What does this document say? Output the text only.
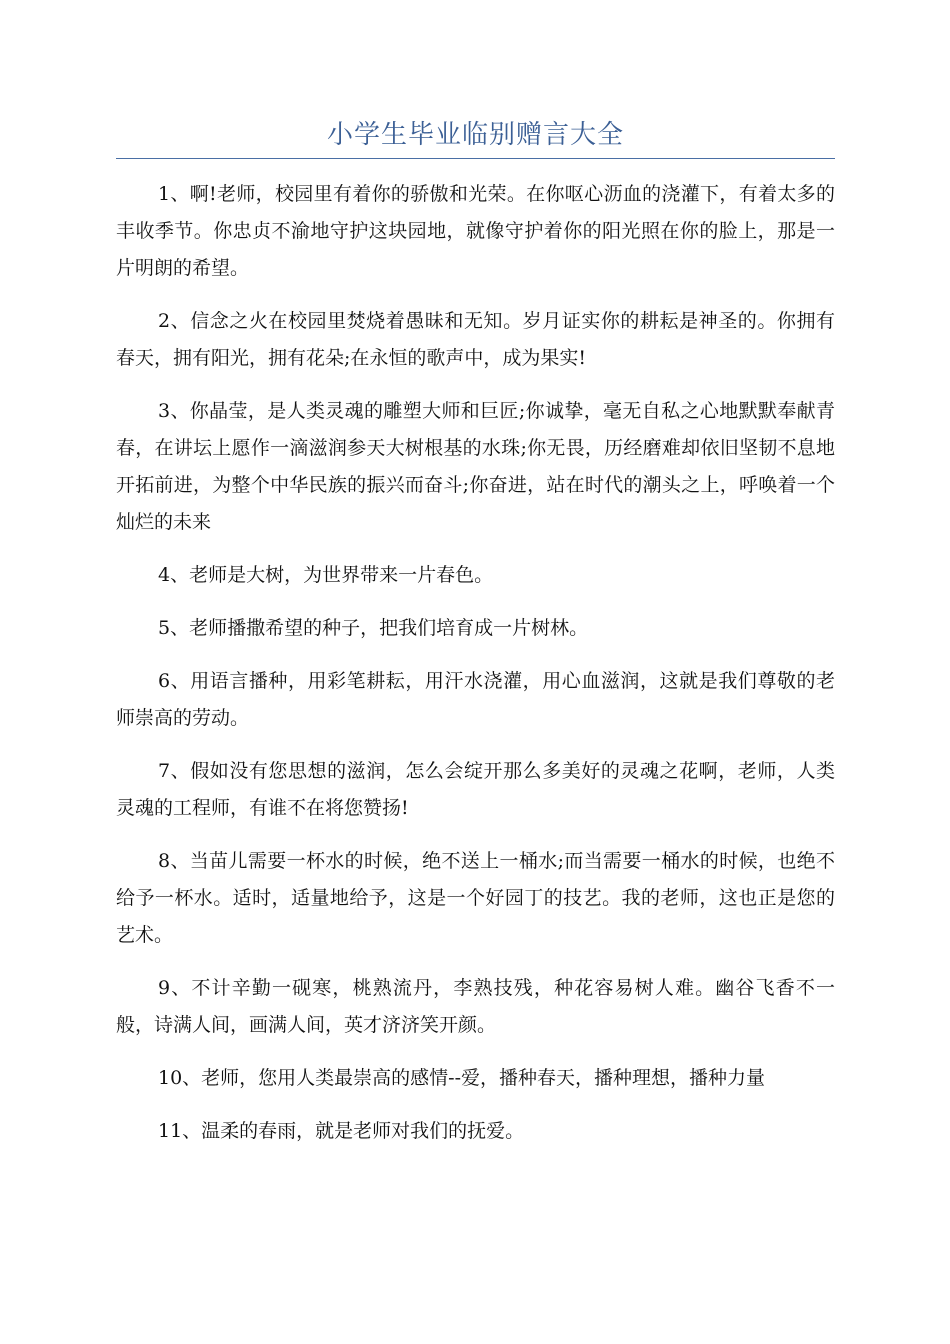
小学生毕业临别赠言大全

1、啊!老师，校园里有着你的骄傲和光荣。在你呕心沥血的浇灌下，有着太多的丰收季节。你忠贞不渝地守护这块园地，就像守护着你的阳光照在你的脸上，那是一片明朗的希望。

2、信念之火在校园里焚烧着愚昧和无知。岁月证实你的耕耘是神圣的。你拥有春天，拥有阳光，拥有花朵;在永恒的歌声中，成为果实!

3、你晶莹，是人类灵魂的雕塑大师和巨匠;你诚挚，毫无自私之心地默默奉献青春，在讲坛上愿作一滴滋润参天大树根基的水珠;你无畏，历经磨难却依旧坚韧不息地开拓前进，为整个中华民族的振兴而奋斗;你奋进，站在时代的潮头之上，呼唤着一个灿烂的未来

4、老师是大树，为世界带来一片春色。

5、老师播撒希望的种子，把我们培育成一片树林。

6、用语言播种，用彩笔耕耘，用汗水浇灌，用心血滋润，这就是我们尊敬的老师崇高的劳动。

7、假如没有您思想的滋润，怎么会绽开那么多美好的灵魂之花啊，老师，人类灵魂的工程师，有谁不在将您赞扬!

8、当苗儿需要一杯水的时候，绝不送上一桶水;而当需要一桶水的时候，也绝不给予一杯水。适时，适量地给予，这是一个好园丁的技艺。我的老师，这也正是您的艺术。

9、不计辛勤一砚寒，桃熟流丹，李熟技残，种花容易树人难。幽谷飞香不一般，诗满人间，画满人间，英才济济笑开颜。

10、老师，您用人类最崇高的感情--爱，播种春天，播种理想，播种力量

11、温柔的春雨，就是老师对我们的抚爱。
